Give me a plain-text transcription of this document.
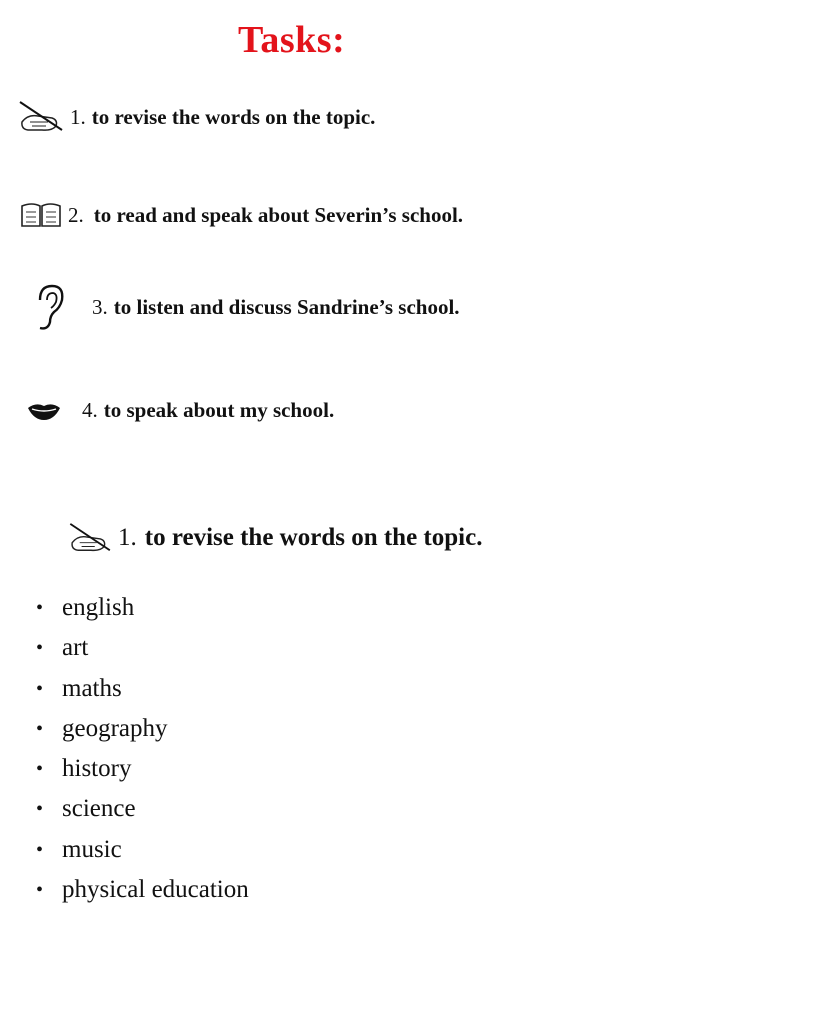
Tasks:
1. to revise the words on the topic.
2. to read and speak about Severin’s school.
3. to listen and discuss Sandrine’s school.
4. to speak about my school.
1. to revise the words on the topic.
• english
• art
• maths
• geography
• history
• science
• music
• physical education
